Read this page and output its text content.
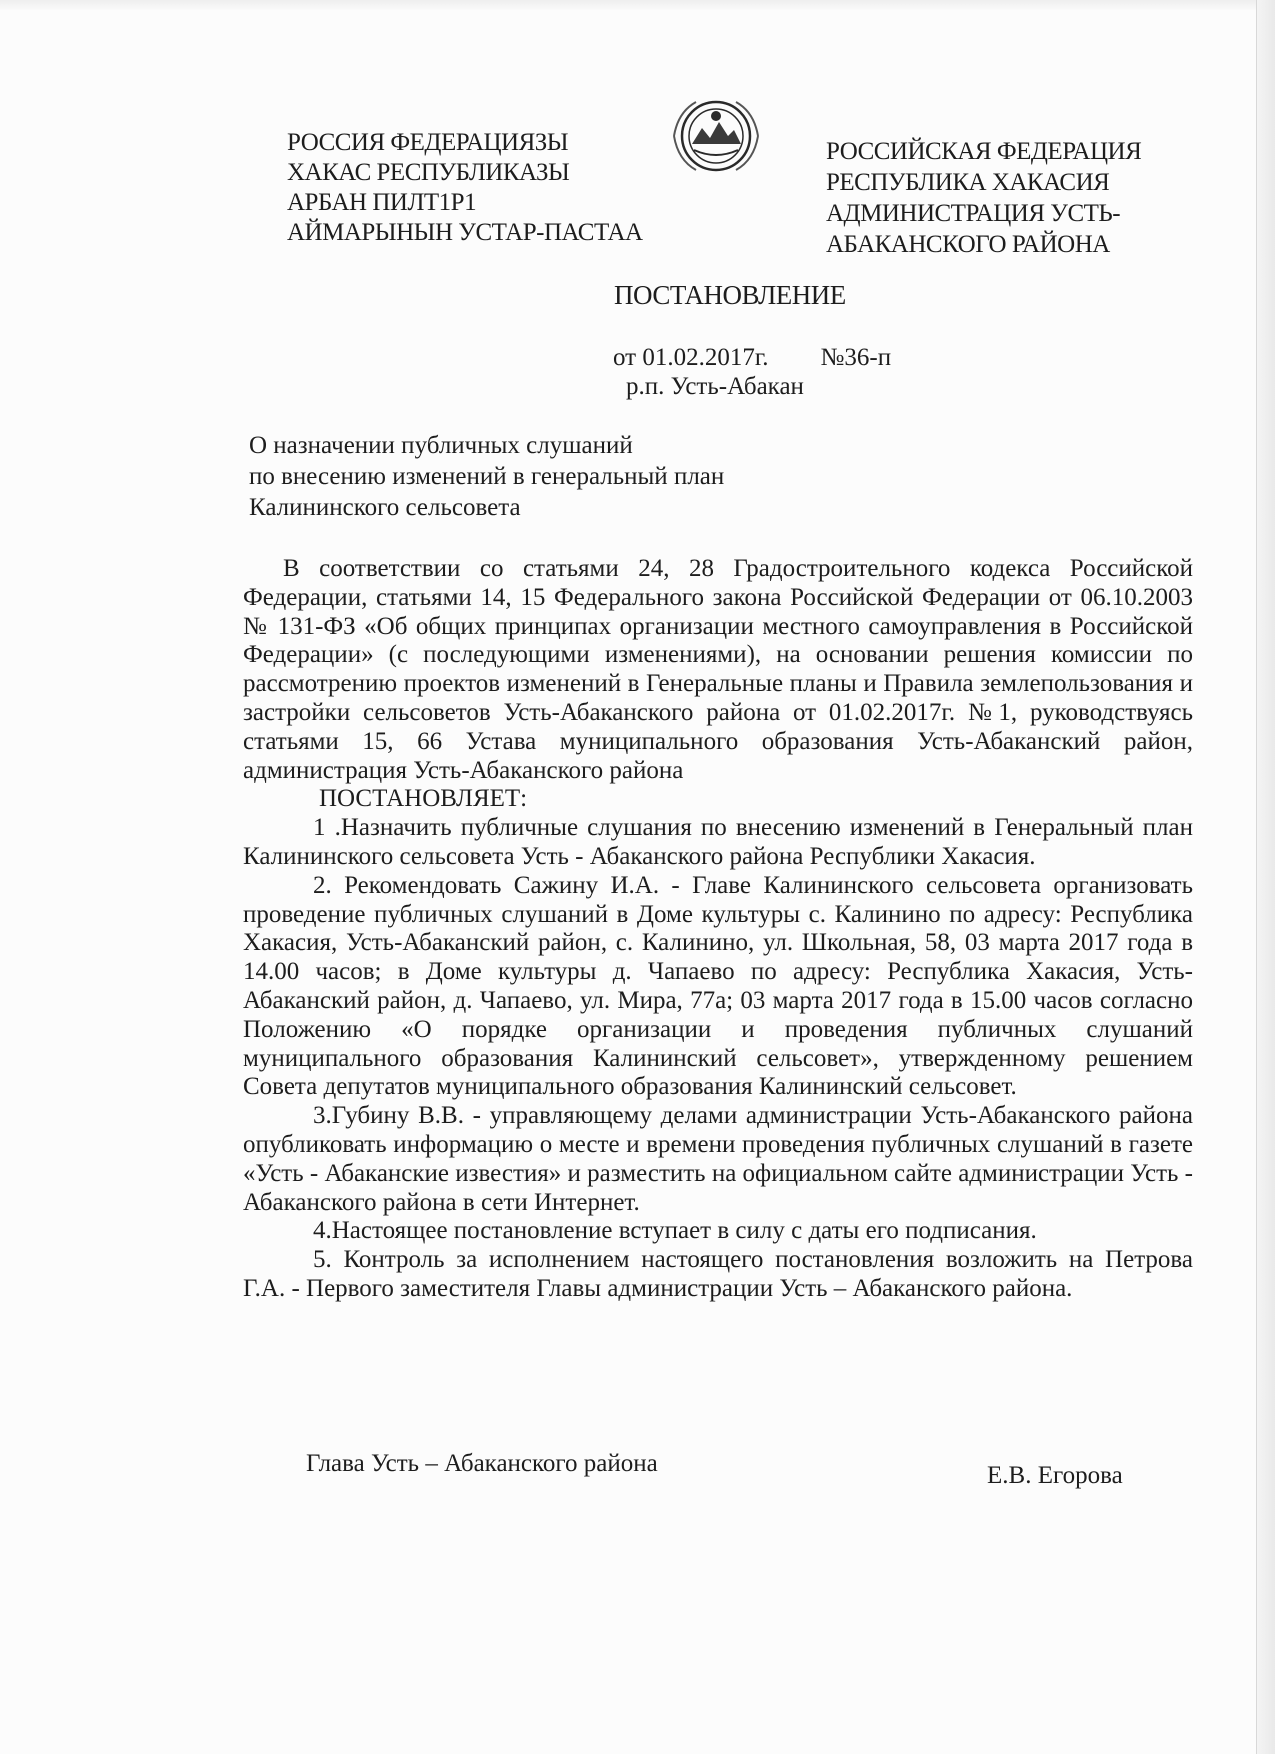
РОССИЯ ФЕДЕРАЦИЯЗЫ
ХАКАС РЕСПУБЛИКАЗЫ
АРБАН ПИЛТ1Р1
АЙМАРЫНЫН УСТАР-ПАСТАА
РОССИЙСКАЯ ФЕДЕРАЦИЯ
РЕСПУБЛИКА ХАКАСИЯ
АДМИНИСТРАЦИЯ УСТЬ-
АБАКАНСКОГО РАЙОНА
ПОСТАНОВЛЕНИЕ
от 01.02.2017г. №36-п
р.п. Усть-Абакан
О назначении публичных слушаний
по внесению изменений в генеральный план
Калининского сельсовета

В соответствии со статьями 24, 28 Градостроительного кодекса Российской Федерации, статьями 14, 15 Федерального закона Российской Федерации от 06.10.2003 № 131-ФЗ «Об общих принципах организации местного самоуправления в Российской Федерации» (с последующими изменениями), на основании решения комиссии по рассмотрению проектов изменений в Генеральные планы и Правила землепользования и застройки сельсоветов Усть-Абаканского района от 01.02.2017г. №1, руководствуясь статьями 15, 66 Устава муниципального образования Усть-Абаканский район, администрация Усть-Абаканского района

ПОСТАНОВЛЯЕТ:

1 .Назначить публичные слушания по внесению изменений в Генеральный план Калининского сельсовета Усть - Абаканского района Республики Хакасия.

2. Рекомендовать Сажину И.А. - Главе Калининского сельсовета организовать проведение публичных слушаний в Доме культуры с. Калинино по адресу: Республика Хакасия, Усть-Абаканский район, с. Калинино, ул. Школьная, 58, 03 марта 2017 года в 14.00 часов; в Доме культуры д. Чапаево по адресу: Республика Хакасия, Усть-Абаканский район, д. Чапаево, ул. Мира, 77а; 03 марта 2017 года в 15.00 часов согласно Положению «О порядке организации и проведения публичных слушаний муниципального образования Калининский сельсовет», утвержденному решением Совета депутатов муниципального образования Калининский сельсовет.

3.Губину В.В. - управляющему делами администрации Усть-Абаканского района опубликовать информацию о месте и времени проведения публичных слушаний в газете «Усть - Абаканские известия» и разместить на официальном сайте администрации Усть - Абаканского района в сети Интернет.

4.Настоящее постановление вступает в силу с даты его подписания.

5. Контроль за исполнением настоящего постановления возложить на Петрова Г.А. - Первого заместителя Главы администрации Усть – Абаканского района.

Глава Усть – Абаканского района	Е.В. Егорова
